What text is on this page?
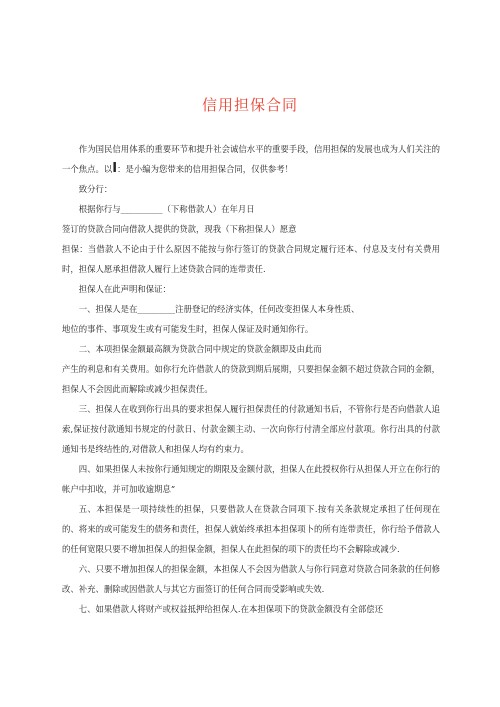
信用担保合同

作为国民信用体系的重要环节和提升社会诚信水平的重要手段，信用担保的发展也成为人们关注的一个焦点。以I：是小编为您带来的信用担保合同，仅供参考！

致分行：

根据你行与__________（下称借款人）在年月日

签订的贷款合同向借款人提供的贷款，现我（下称担保人）愿意

担保：当借款人不论由于什么原因不能按与你行签订的贷款合同规定履行还本、付息及支付有关费用时，担保人愿承担借款人履行上述贷款合同的连带责任.

担保人在此声明和保证：

一、担保人是在_________注册登记的经济实体，任何改变担保人本身性质、

地位的事件、事项发生或有可能发生时，担保人保证及时通知你行。

二、本项担保金额最高额为贷款合同中规定的贷款金额即及由此而

产生的利息和有关费用。如你行允许借款人的贷款到期后展期，只要担保金额不超过贷款合同的金额，担保人不会因此而解除或减少担保责任。

三、担保人在收到你行出具的要求担保人履行担保责任的付款通知书后，不管你行是否向借款人追索,保证按付款通知书规定的付款日、付款金额主动、一次向你行付清全部应付款项。你行出具的付款通知书是终结性的,对借款人和担保人均有约束力。

四、如果担保人未按你行通知规定的期限及金额付款，担保人在此授权你行从担保人开立在你行的帐户中扣收，并可加收逾期息”

五、本担保是一项持续性的担保，只要借款人在贷款合同项下.按有关条款规定承担了任何现在的、将来的或可能发生的债务和责任，担保人就始终承担本担保项卜的所有连带责任，你行给予借款人的任何宽限只要不增加担保人的担保金额，担保人在此担保的项下的责任均不会解除或减少.

六、只要不增加担保人的担保金额，本担保人不会因为借款人与你行同意对贷款合同条款的任何修改、补充、删除或因借款人与其它方面签订的任何合同而受影响或失效.

七、如果借款人将财产或权益抵押给担保人.在本担保项下的贷款金额没有全部偿还
